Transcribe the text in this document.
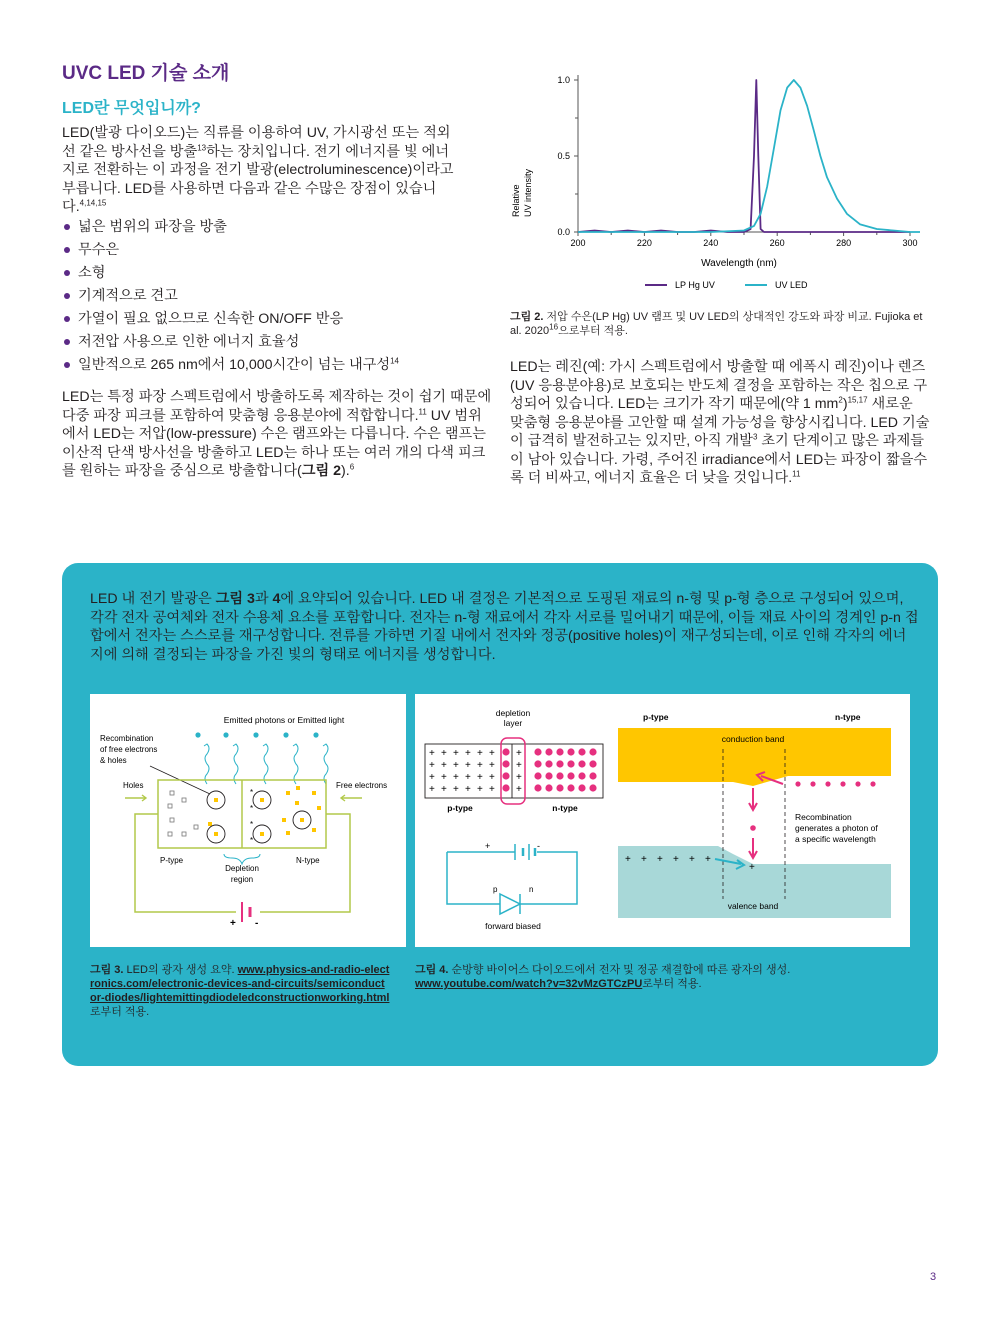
UVC LED 기술 소개
LED란 무엇입니까?
LED(발광 다이오드)는 직류를 이용하여 UV, 가시광선 또는 적외선 같은 방사선을 방출$^{13}$하는 장치입니다. 전기 에너지를 빛 에너지로 전환하는 이 과정을 전기 발광(electroluminescence)이라고 부릅니다. LED를 사용하면 다음과 같은 수많은 장점이 있습니다.$^{4,14,15}$
넓은 범위의 파장을 방출
무수은
소형
기계적으로 견고
가열이 필요 없으므로 신속한 ON/OFF 반응
저전압 사용으로 인한 에너지 효율성
일반적으로 265 nm에서 10,000시간이 넘는 내구성$^{14}$
LED는 특정 파장 스펙트럼에서 방출하도록 제작하는 것이 쉽기 때문에 다중 파장 피크를 포함하여 맞춤형 응용분야에 적합합니다.$^{11}$ UV 범위에서 LED는 저압(low-pressure) 수은 램프와는 다릅니다. 수은 램프는 이산적 단색 방사선을 방출하고 LED는 하나 또는 여러 개의 다색 피크를 원하는 파장을 중심으로 방출합니다(그림 2).$^6$
200	220	240	260	280	300
0.0
0.5
1.0
Relative UV intensity
Wavelength (nm)
LP Hg UV	UV LED
그림 2. 저압 수은(LP Hg) UV 램프 및 UV LED의 상대적인 강도와 파장 비교. Fujioka et al. 2020$^{16}$으로부터 적용.
LED는 레진(예: 가시 스펙트럼에서 방출할 때 에폭시 레진)이나 렌즈(UV 응용분야용)로 보호되는 반도체 결정을 포함하는 작은 칩으로 구성되어 있습니다. LED는 크기가 작기 때문에(약 1 $mm^2)^{15,17}$ 새로운 맞춤형 응용분야를 고안할 때 설계 가능성을 향상시킵니다. LED 기술이 급격히 발전하고는 있지만, 아직 개발$^3$ 초기 단계이고 많은 과제들이 남아 있습니다. 가령, 주어진 irradiance에서 LED는 파장이 짧을수록 더 비싸고, 에너지 효율은 더 낮을 것입니다.$^{11}$
LED 내 전기 발광은 그림 3과 4에 요약되어 있습니다. LED 내 결정은 기본적으로 도핑된 재료의 n-형 및 p-형 층으로 구성되어 있으며, 각각 전자 공여체와 전자 수용체 요소를 포함합니다. 전자는 n-형 재료에서 각자 서로를 밀어내기 때문에, 이들 재료 사이의 경계인 p-n 접합에서 전자는 스스로를 재구성합니다. 전류를 가하면 기질 내에서 전자와 정공(positive holes)이 재구성되는데, 이로 인해 각자의 에너지에 의해 결정되는 파장을 가진 빛의 형태로 에너지를 생성합니다.
Emitted photons or Emitted light
Recombination
of free electrons
& holes
Holes	Free electrons
+ -
*
*
*
*
P-type	N-type
Depletion
region
depletion
layer
+ + + + + + +
+ + + + + + +
+ + + + + + +
+ + + + + + +
p-type	n-type
+	-
p	n
forward biased
p-type	n-type
conduction band
valence band
+ + + + + +
+
Recombination
generates a photon of
a specific wavelength
그림 3. LED의 광자 생성 요약. www.physics-and-radio-electronics.com/electronic-devices-and-circuits/semiconductor-diodes/lightemittingdiodeledconstructionworking.html로부터 적용.
그림 4. 순방향 바이어스 다이오드에서 전자 및 정공 재결합에 따른 광자의 생성.
www.youtube.com/watch?v=32vMzGTCzPU로부터 적용.
3
